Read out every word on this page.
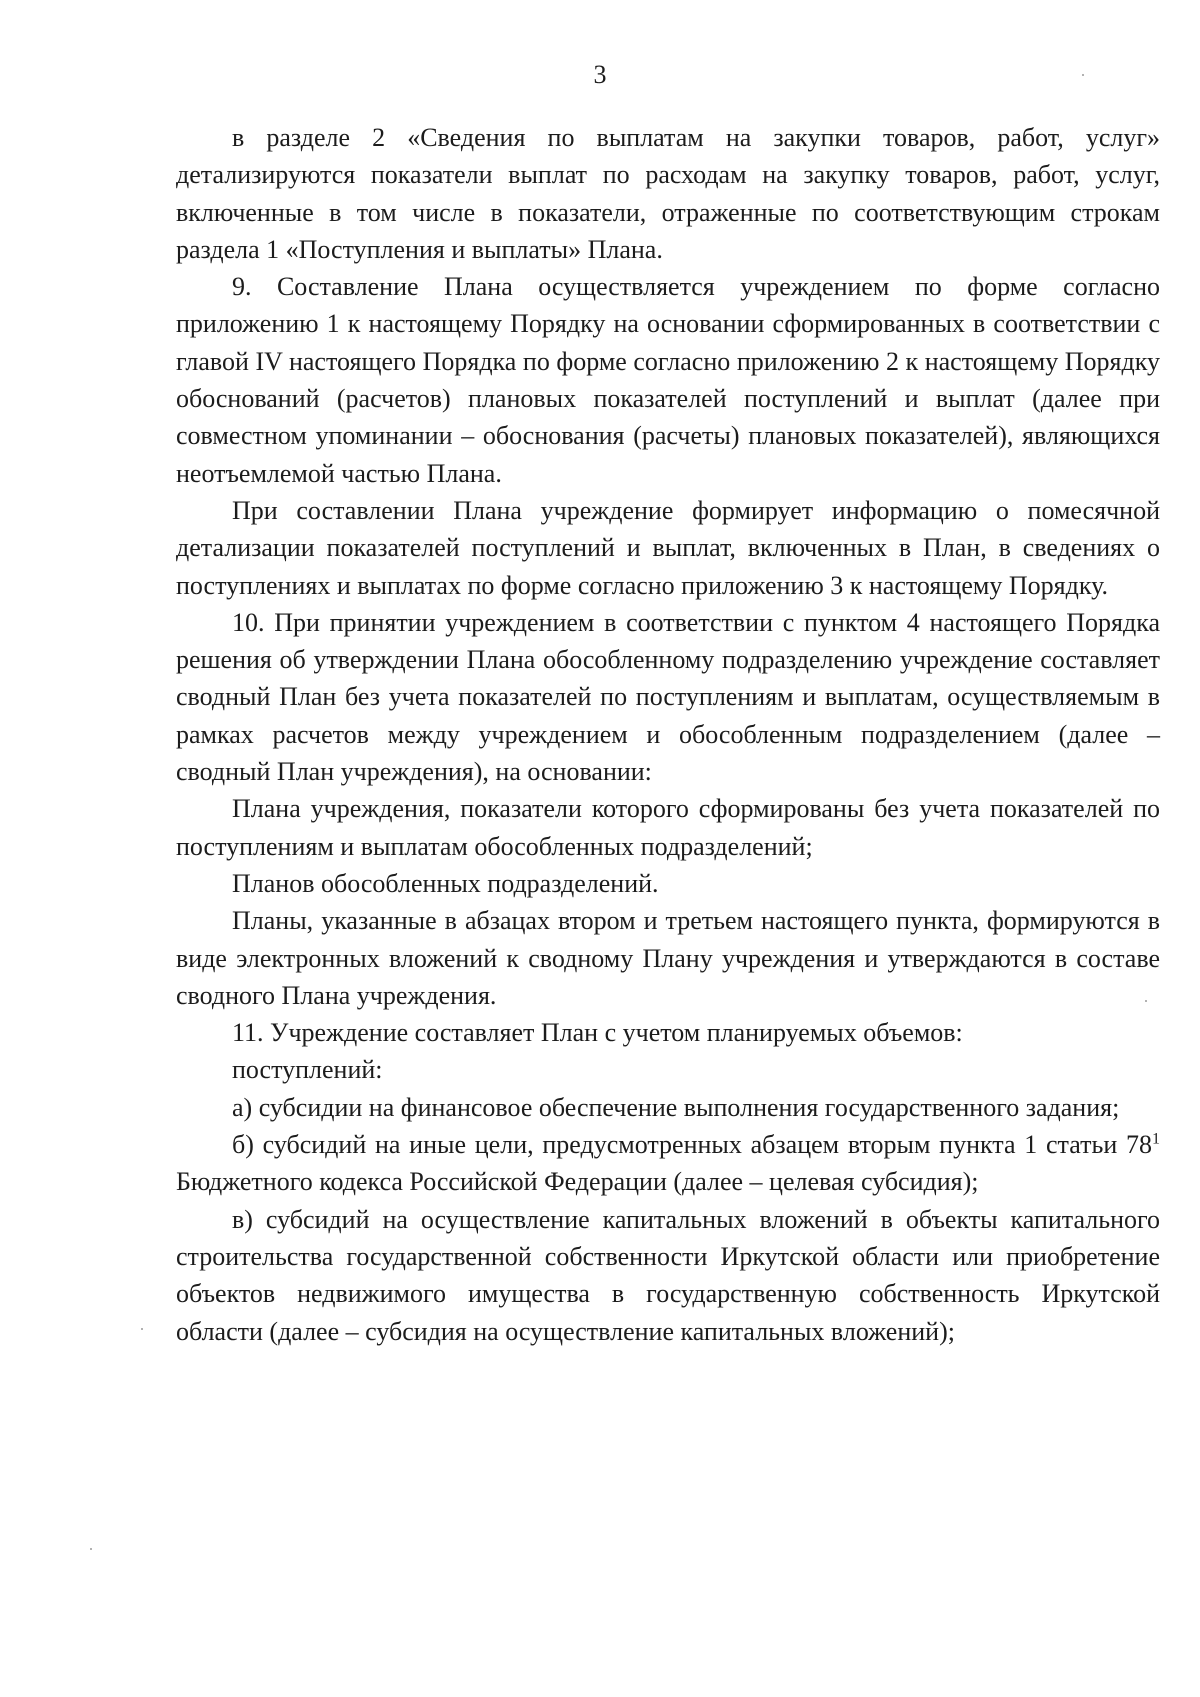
3

в разделе 2 «Сведения по выплатам на закупки товаров, работ, услуг» детализируются показатели выплат по расходам на закупку товаров, работ, услуг, включенные в том числе в показатели, отраженные по соответствующим строкам раздела 1 «Поступления и выплаты» Плана.

9. Составление Плана осуществляется учреждением по форме согласно приложению 1 к настоящему Порядку на основании сформированных в соответствии с главой IV настоящего Порядка по форме согласно приложению 2 к настоящему Порядку обоснований (расчетов) плановых показателей поступлений и выплат (далее при совместном упоминании – обоснования (расчеты) плановых показателей), являющихся неотъемлемой частью Плана.

При составлении Плана учреждение формирует информацию о помесячной детализации показателей поступлений и выплат, включенных в План, в сведениях о поступлениях и выплатах по форме согласно приложению 3 к настоящему Порядку.

10. При принятии учреждением в соответствии с пунктом 4 настоящего Порядка решения об утверждении Плана обособленному подразделению учреждение составляет сводный План без учета показателей по поступлениям и выплатам, осуществляемым в рамках расчетов между учреждением и обособленным подразделением (далее – сводный План учреждения), на основании:

Плана учреждения, показатели которого сформированы без учета показателей по поступлениям и выплатам обособленных подразделений;

Планов обособленных подразделений.

Планы, указанные в абзацах втором и третьем настоящего пункта, формируются в виде электронных вложений к сводному Плану учреждения и утверждаются в составе сводного Плана учреждения.

11. Учреждение составляет План с учетом планируемых объемов:

поступлений:

а) субсидии на финансовое обеспечение выполнения государственного задания;

б) субсидий на иные цели, предусмотренных абзацем вторым пункта 1 статьи $78^1$ Бюджетного кодекса Российской Федерации (далее – целевая субсидия);

в) субсидий на осуществление капитальных вложений в объекты капитального строительства государственной собственности Иркутской области или приобретение объектов недвижимого имущества в государственную собственность Иркутской области (далее – субсидия на осуществление капитальных вложений);
